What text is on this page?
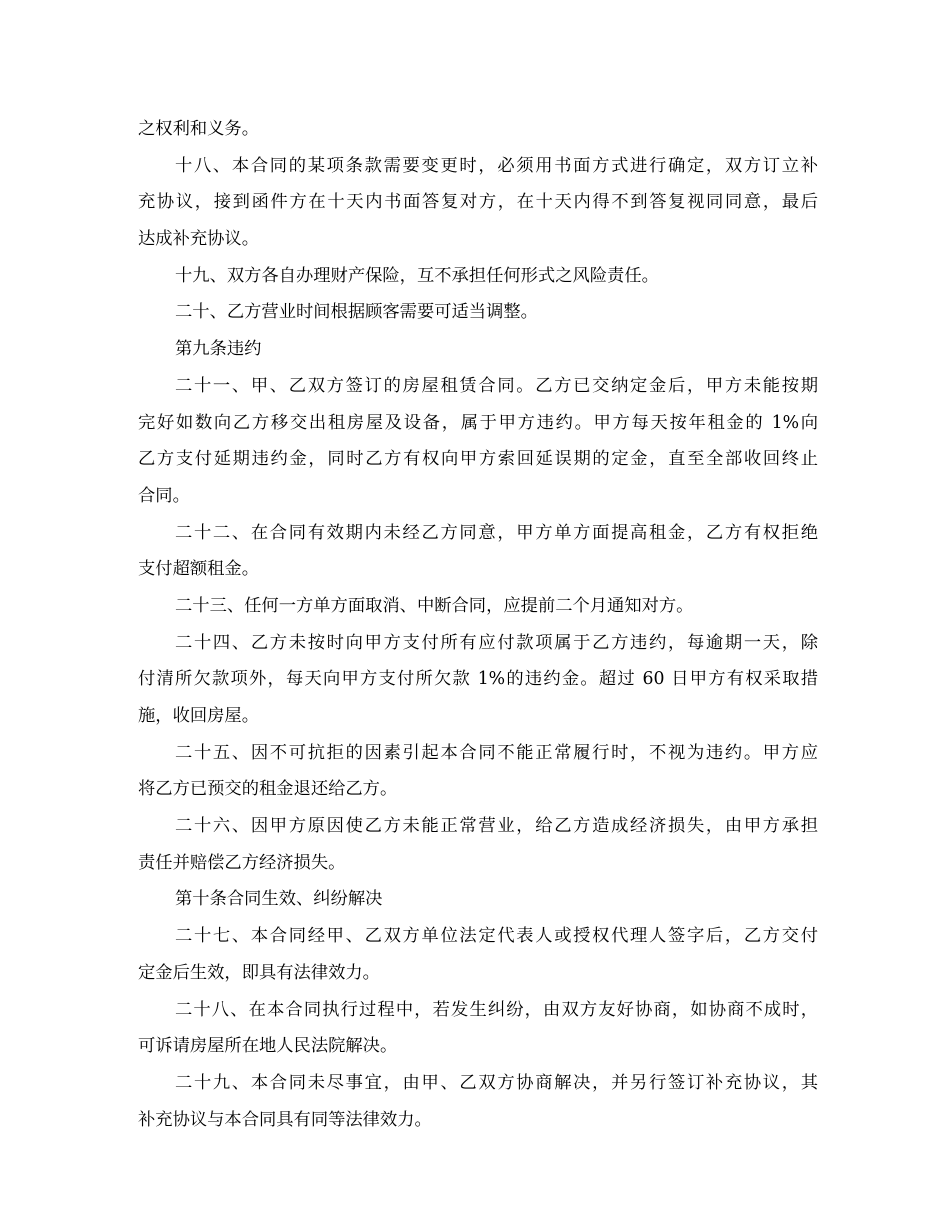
之权利和义务。
十八、本合同的某项条款需要变更时，必须用书面方式进行确定，双方订立补
充协议，接到函件方在十天内书面答复对方，在十天内得不到答复视同同意，最后
达成补充协议。
十九、双方各自办理财产保险，互不承担任何形式之风险责任。
二十、乙方营业时间根据顾客需要可适当调整。
第九条违约
二十一、甲、乙双方签订的房屋租赁合同。乙方已交纳定金后，甲方未能按期
完好如数向乙方移交出租房屋及设备，属于甲方违约。甲方每天按年租金的 1%向
乙方支付延期违约金，同时乙方有权向甲方索回延误期的定金，直至全部收回终止
合同。
二十二、在合同有效期内未经乙方同意，甲方单方面提高租金，乙方有权拒绝
支付超额租金。
二十三、任何一方单方面取消、中断合同，应提前二个月通知对方。
二十四、乙方未按时向甲方支付所有应付款项属于乙方违约，每逾期一天，除
付清所欠款项外，每天向甲方支付所欠款 1%的违约金。超过 60 日甲方有权采取措
施，收回房屋。
二十五、因不可抗拒的因素引起本合同不能正常履行时，不视为违约。甲方应
将乙方已预交的租金退还给乙方。
二十六、因甲方原因使乙方未能正常营业，给乙方造成经济损失，由甲方承担
责任并赔偿乙方经济损失。
第十条合同生效、纠纷解决
二十七、本合同经甲、乙双方单位法定代表人或授权代理人签字后，乙方交付
定金后生效，即具有法律效力。
二十八、在本合同执行过程中，若发生纠纷，由双方友好协商，如协商不成时，
可诉请房屋所在地人民法院解决。
二十九、本合同未尽事宜，由甲、乙双方协商解决，并另行签订补充协议，其
补充协议与本合同具有同等法律效力。
